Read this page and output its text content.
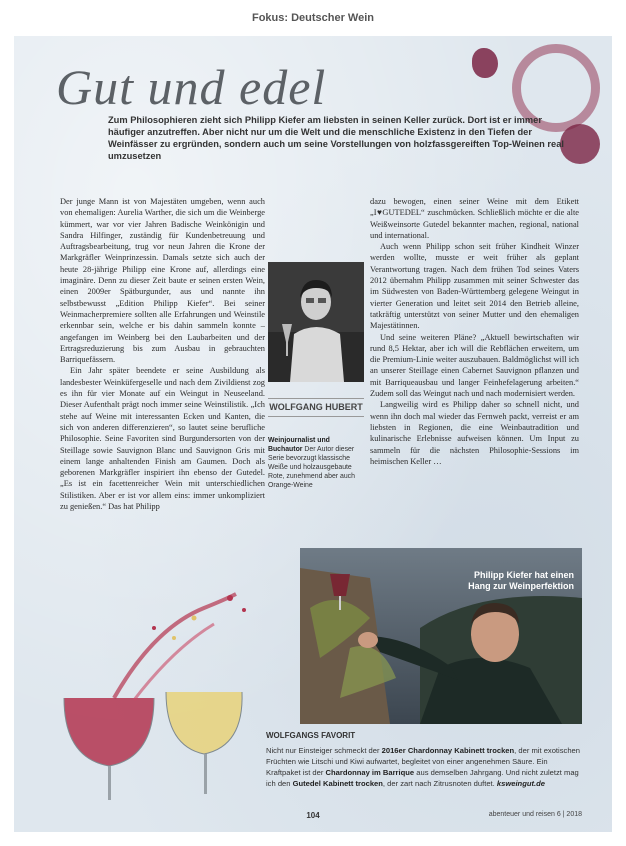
Fokus: Deutscher Wein
Gut und edel

Zum Philosophieren zieht sich Philipp Kiefer am liebsten in seinen Keller zurück. Dort ist er immer häufiger anzutreffen. Aber nicht nur um die Welt und die menschliche Existenz in den Tiefen der Weinfässer zu ergründen, sondern auch um seine Vorstellungen von holzfassgereiften Top-Weinen real umzusetzen

Der junge Mann ist von Majestäten umgeben, wenn auch von ehemaligen: Aurelia Warther, die sich um die Weinberge kümmert, war vor vier Jahren Badische Weinkönigin und Sandra Hilfinger, zuständig für Kundenbetreuung und Auftragsbearbeitung, trug vor neun Jahren die Krone der Markgräfler Weinprinzessin. Damals setzte sich auch der heute 28-jährige Philipp eine Krone auf, allerdings eine imaginäre. Denn zu dieser Zeit baute er seinen ersten Wein, einen 2009er Spätburgunder, aus und nannte ihn selbstbewusst „Edition Philipp Kiefer“. Bei seiner Weinmacherpremiere sollten alle Erfahrungen und Weinstile erkennbar sein, welche er bis dahin sammeln konnte – angefangen im Weinberg bei den Laubarbeiten und der Ertragsreduzierung bis zum Ausbau in gebrauchten Barriquefässern.

Ein Jahr später beendete er seine Ausbildung als landesbester Weinküfergeselle und nach dem Zivildienst zog es ihn für vier Monate auf ein Weingut in Neuseeland. Dieser Aufenthalt prägt noch immer seine Weinstilistik. „Ich stehe auf Weine mit interessanten Ecken und Kanten, die sich von anderen differenzieren“, so lautet seine berufliche Philosophie. Seine Favoriten sind Burgundersorten von der Steillage sowie Sauvignon Blanc und Sauvignon Gris mit einem lange anhaltenden Finish am Gaumen. Doch als geborenen Markgräfler inspiriert ihn ebenso der Gutedel. „Es ist ein facettenreicher Wein mit unterschiedlichen Stilistiken. Aber er ist vor allem eins: immer unkompliziert zu genießen.“ Das hat Philipp

dazu bewogen, einen seiner Weine mit dem Etikett „I♥GUTEDEL“ zuschmücken. Schließlich möchte er die alte Weißweinsorte Gutedel bekannter machen, regional, national und international.

Auch wenn Philipp schon seit früher Kindheit Winzer werden wollte, musste er weit früher als geplant Verantwortung tragen. Nach dem frühen Tod seines Vaters 2012 übernahm Philipp zusammen mit seiner Schwester das im Südwesten von Baden-Württemberg gelegene Weingut in vierter Generation und leitet seit 2014 den Betrieb alleine, tatkräftig unterstützt von seiner Mutter und den ehemaligen Majestätinnen.

Und seine weiteren Pläne? „Aktuell bewirtschaften wir rund 8,5 Hektar, aber ich will die Rebflächen erweitern, um die Premium-Linie weiter auszubauen. Baldmöglichst will ich an unserer Steillage einen Cabernet Sauvignon pflanzen und mit Barriqueausbau und langer Feinhefelagerung arbeiten.“ Zudem soll das Weingut nach und nach modernisiert werden.

Langweilig wird es Philipp daher so schnell nicht, und wenn ihn doch mal wieder das Fernweh packt, verreist er am liebsten in Regionen, die eine Weinbautradition und kulinarische Erlebnisse aufweisen können. Um Input zu sammeln für die nächsten Philosophie-Sessions im heimischen Keller …

WOLFGANG HUBERT
Weinjournalist und Buchautor Der Autor dieser Serie bevorzugt klassische Weiße und holzausgebaute Rote, zunehmend aber auch Orange-Weine
Philipp Kiefer hat einen Hang zur Weinperfektion
WOLFGANGS FAVORIT

Nicht nur Einsteiger schmeckt der 2016er Chardonnay Kabinett trocken, der mit exotischen Früchten wie Litschi und Kiwi aufwartet, begleitet von einer angenehmen Säure. Ein Kraftpaket ist der Chardonnay im Barrique aus demselben Jahrgang. Und nicht zuletzt mag ich den Gutedel Kabinett trocken, der zart nach Zitrusnoten duftet. ksweingut.de

104	abenteuer und reisen 6 | 2018
